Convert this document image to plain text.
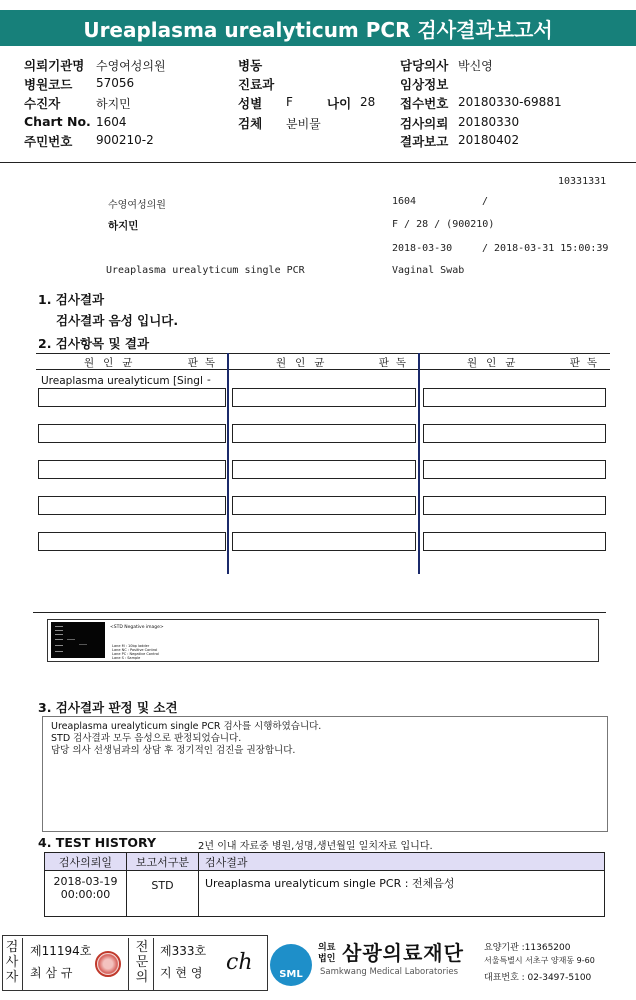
Ureaplasma urealyticum PCR 검사결과보고서
의뢰기관명 수영여성의원
병원코드 57056
수진자	하지민
Chart No. 1604
주민번호 900210-2
병동
진료과
성별 F	나이 28
검체 분비물
담당의사 박신영
임상정보
접수번호 20180330-69881
검사의뢰 20180330
결과보고 20180402
10331331
수영여성의원	1604	/
하지민	F / 28 / (900210)
2018-03-30	/ 2018-03-31 15:00:39
Ureaplasma urealyticum single PCR	Vaginal Swab
1. 검사결과
검사결과 음성 입니다.
2. 검사항목 및 결과
원인균	판독	원인균	판독	원인균	판독
Ureaplasma urealyticum [Singl -
<STD Negative image>
Lane M : 10bp ladder
Lane NC : Positive Control
Lane PC : Negative Control
Lane S : Sample
3. 검사결과 판정 및 소견
Ureaplasma urealyticum single PCR 검사를 시행하였습니다.
STD 검사결과 모두 음성으로 판정되었습니다.
담당 의사 선생님과의 상담 후 정기적인 검진을 권장합니다.
4. TEST HISTORY	2년 이내 자료중 병원,성명,생년월일 일치자료 입니다.
검사의뢰일	보고서구분	검사결과

2018-03-19
00:00:00	STD	Ureaplasma urealyticum single PCR : 전체음성
검사자
제11194호
최 삼 규
전문의
제333호
지 현 영 ch	SML
의료
법인 삼광의료재단
Samkwang Medical Laboratories
요양기관 :11365200
서울특별시 서초구 양재동 9-60
대표번호 : 02-3497-5100
